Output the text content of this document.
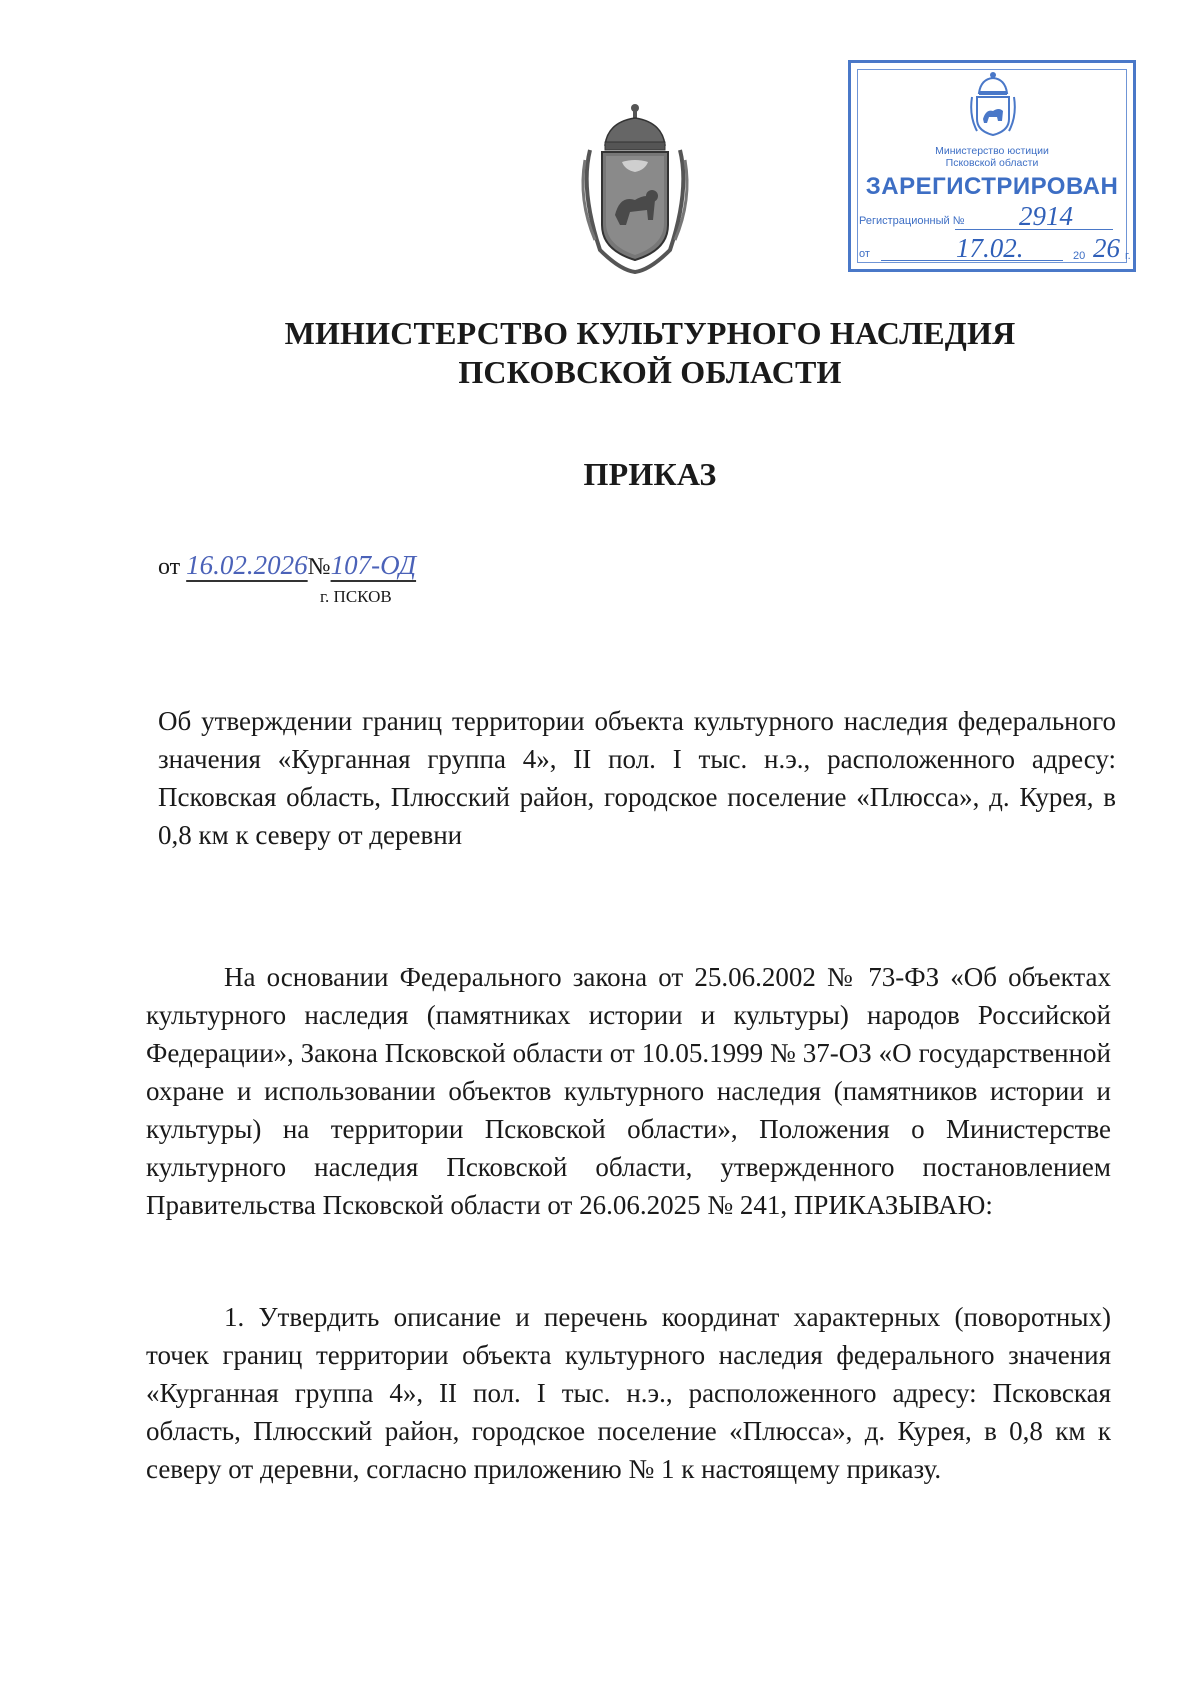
Министерство юстиции
Псковской области
ЗАРЕГИСТРИРОВАН
Регистрационный № 2914
от	17.02.	20 26 г.
МИНИСТЕРСТВО КУЛЬТУРНОГО НАСЛЕДИЯ
ПСКОВСКОЙ ОБЛАСТИ
ПРИКАЗ
от 16.02.2026№107-ОД
г. ПСКОВ
Об утверждении границ территории объекта культурного наследия федерального значения «Курганная группа 4», II пол. I тыс. н.э., расположенного адресу: Псковская область, Плюсский район, городское поселение «Плюсса», д. Курея, в 0,8 км к северу от деревни
На основании Федерального закона от 25.06.2002 № 73-ФЗ «Об объектах культурного наследия (памятниках истории и культуры) народов Российской Федерации», Закона Псковской области от 10.05.1999 № 37-ОЗ «О государственной охране и использовании объектов культурного наследия (памятников истории и культуры) на территории Псковской области», Положения о Министерстве культурного наследия Псковской области, утвержденного постановлением Правительства Псковской области от 26.06.2025 № 241, ПРИКАЗЫВАЮ:
1. Утвердить описание и перечень координат характерных (поворотных) точек границ территории объекта культурного наследия федерального значения «Курганная группа 4», II пол. I тыс. н.э., расположенного адресу: Псковская область, Плюсский район, городское поселение «Плюсса», д. Курея, в 0,8 км к северу от деревни, согласно приложению № 1 к настоящему приказу.
